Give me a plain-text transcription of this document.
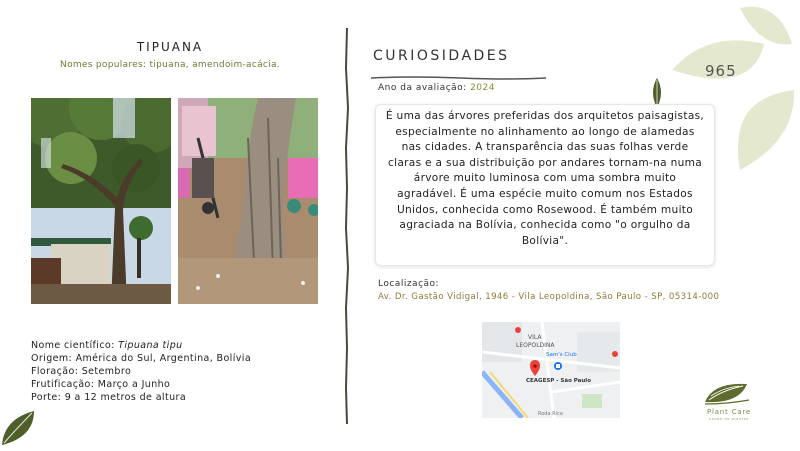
TIPUANA
Nomes populares: tipuana, amendoim-acácia.
Nome científico: Tipuana tipu
Origem: América do Sul, Argentina, Bolívia
Floração: Setembro
Frutificação: Março a Junho
Porte: 9 a 12 metros de altura
CURIOSIDADES
Ano da avaliação: 2024

É uma das árvores preferidas dos arquitetos paisagistas, especialmente no alinhamento ao longo de alamedas nas cidades. A transparência das suas folhas verde claras e a sua distribuição por andares tornam-na numa árvore muito luminosa com uma sombra muito agradável. É uma espécie muito comum nos Estados Unidos, conhecida como Rosewood. É também muito agraciada na Bolívia, conhecida como "o orgulho da Bolívia".

Localização:
Av. Dr. Gastão Vidigal, 1946 - Vila Leopoldina, São Paulo - SP, 05314-000
VILA
LEOPOLDINA
Sam's Club
CEAGESP - São Paulo
Roda Rica
965
Plant Care
saúde de plantas
